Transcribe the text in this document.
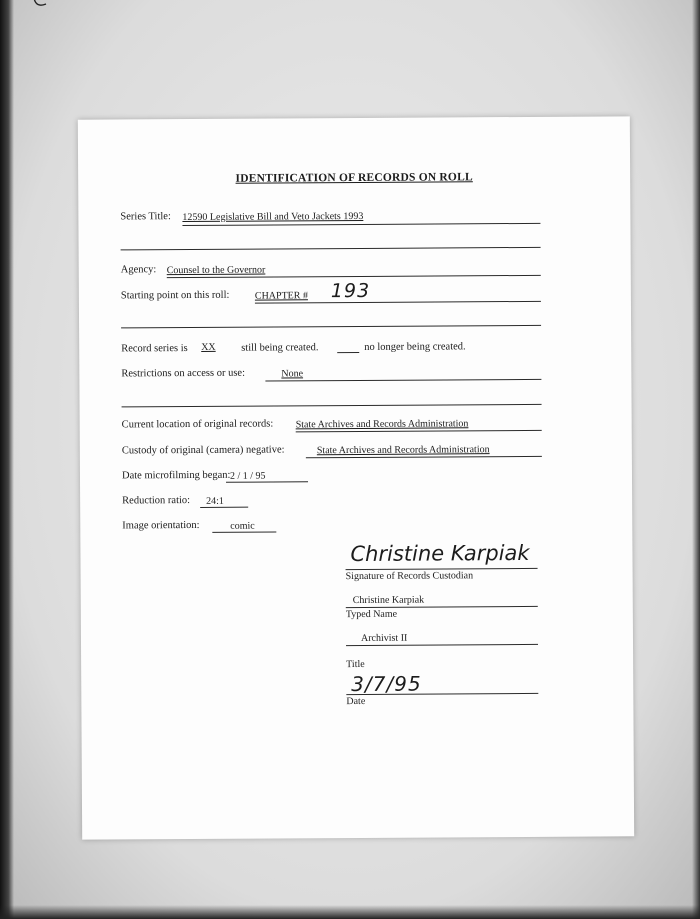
IDENTIFICATION OF RECORDS ON ROLL
Series Title: 12590 Legislative Bill and Veto Jackets 1993
Agency: Counsel to the Governor
Starting point on this roll:	CHAPTER # 193
Record series is XX still being created.	no longer being created.
Restrictions on access or use:	None
Current location of original records: State Archives and Records Administration
Custody of original (camera) negative:	State Archives and Records Administration
Date microfilming began: 2 / 1 / 95
Reduction ratio: 24:1
Image orientation:	comic
Christine Karpiak
Signature of Records Custodian
Christine Karpiak
Typed Name
Archivist II
Title
3/7/95
Date
